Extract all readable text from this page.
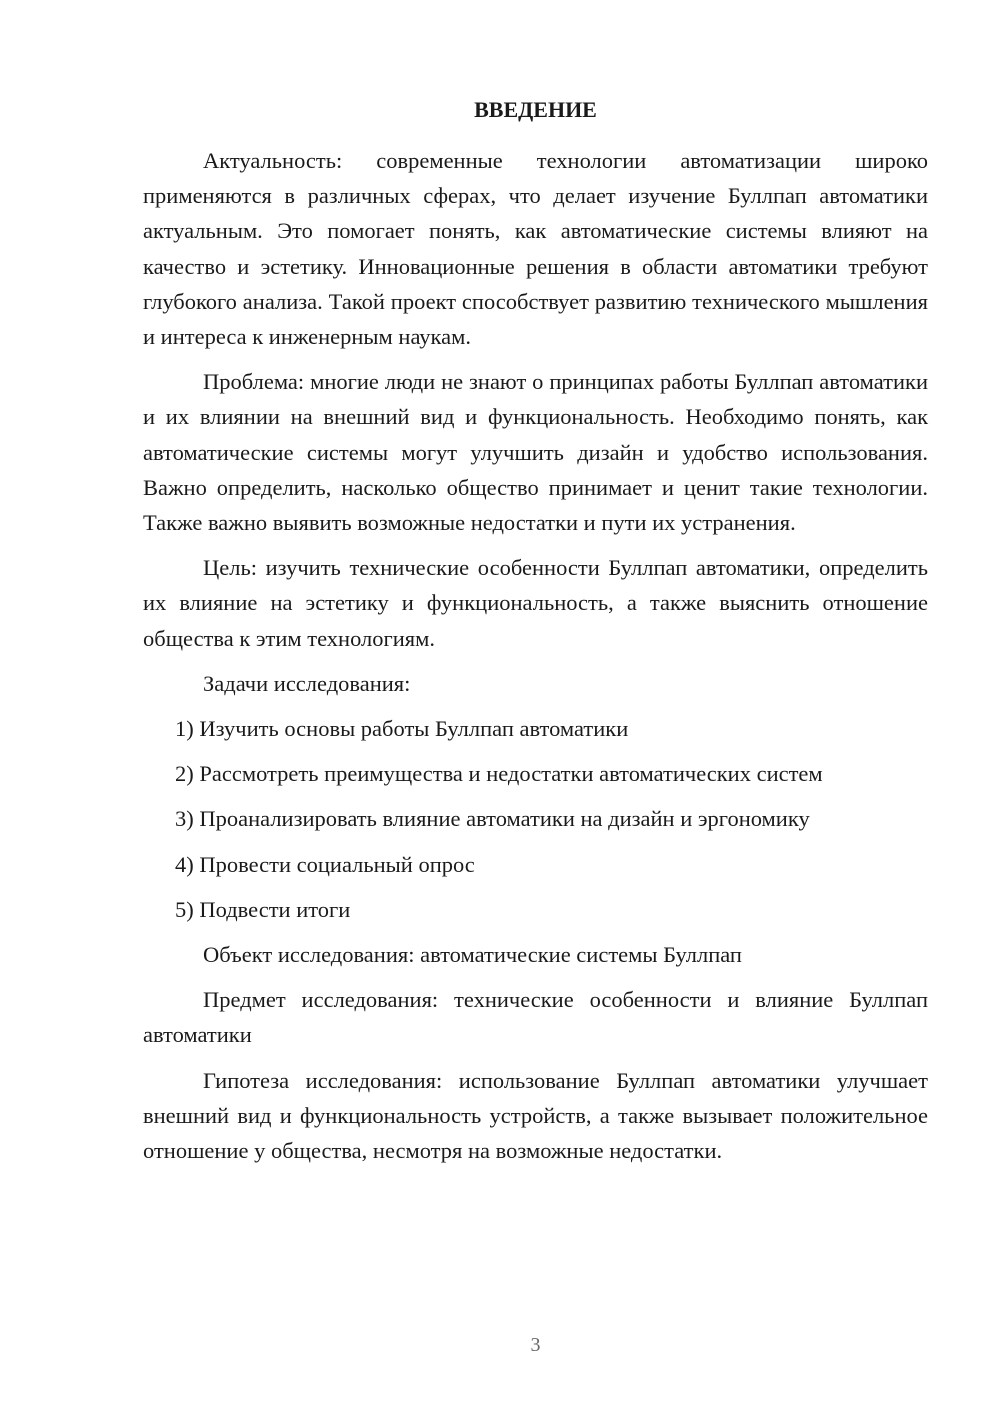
ВВЕДЕНИЕ

Актуальность: современные технологии автоматизации широко применяются в различных сферах, что делает изучение Буллпап автоматики актуальным. Это помогает понять, как автоматические системы влияют на качество и эстетику. Инновационные решения в области автоматики требуют глубокого анализа. Такой проект способствует развитию технического мышления и интереса к инженерным наукам.

Проблема: многие люди не знают о принципах работы Буллпап автоматики и их влиянии на внешний вид и функциональность. Необходимо понять, как автоматические системы могут улучшить дизайн и удобство использования. Важно определить, насколько общество принимает и ценит такие технологии. Также важно выявить возможные недостатки и пути их устранения.

Цель: изучить технические особенности Буллпап автоматики, определить их влияние на эстетику и функциональность, а также выяснить отношение общества к этим технологиям.

Задачи исследования:

1) Изучить основы работы Буллпап автоматики

2) Рассмотреть преимущества и недостатки автоматических систем

3) Проанализировать влияние автоматики на дизайн и эргономику

4) Провести социальный опрос

5) Подвести итоги

Объект исследования: автоматические системы Буллпап

Предмет исследования: технические особенности и влияние Буллпап автоматики

Гипотеза исследования: использование Буллпап автоматики улучшает внешний вид и функциональность устройств, а также вызывает положительное отношение у общества, несмотря на возможные недостатки.

3
